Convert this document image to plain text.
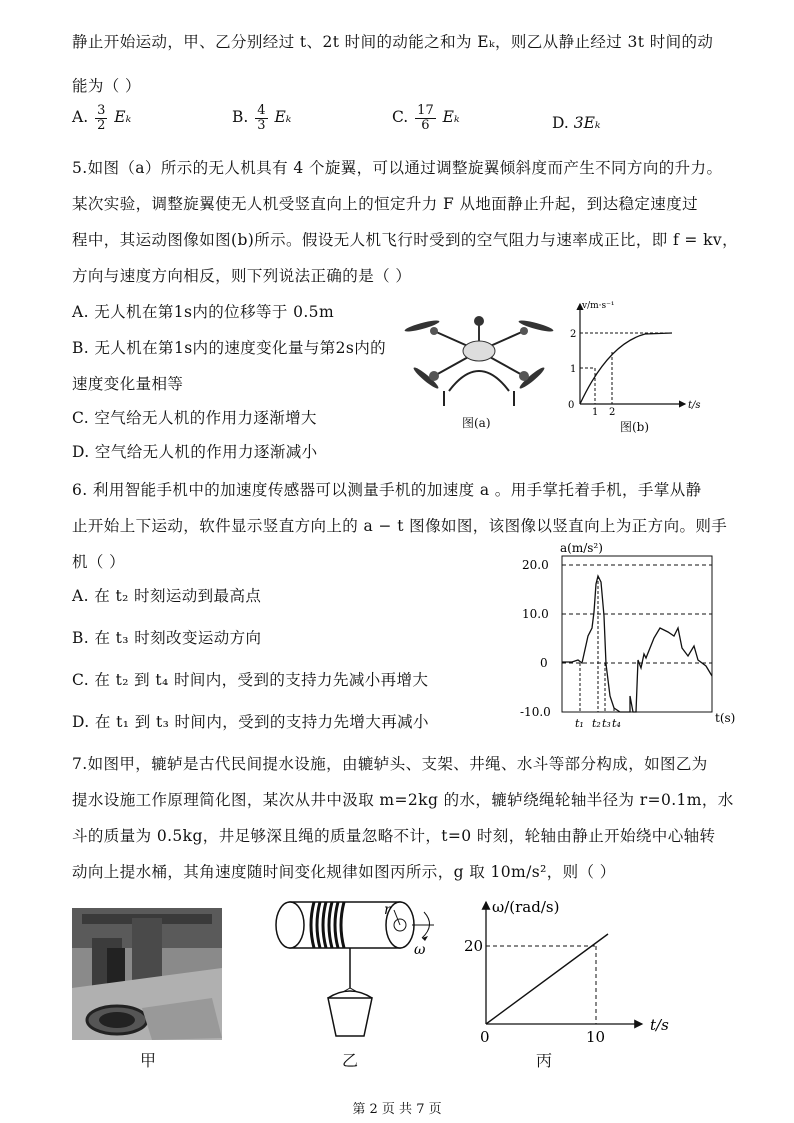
静止开始运动，甲、乙分别经过 t、2t 时间的动能之和为 Eₖ，则乙从静止经过 3t 时间的动
能为（ ）
A. $\frac{3}{2}$ Eₖ	B. $\frac{4}{3}$ Eₖ	C. $\frac{17}{6}$ Eₖ	D. 3Eₖ
5.如图（a）所示的无人机具有 4 个旋翼，可以通过调整旋翼倾斜度而产生不同方向的升力。
某次实验，调整旋翼使无人机受竖直向上的恒定升力 F 从地面静止升起，到达稳定速度过
程中，其运动图像如图(b)所示。假设无人机飞行时受到的空气阻力与速率成正比，即 f = kv，
方向与速度方向相反，则下列说法正确的是（ ）
A. 无人机在第1s内的位移等于 0.5m
B. 无人机在第1s内的速度变化量与第2s内的
速度变化量相等
C. 空气给无人机的作用力逐渐增大
D. 空气给无人机的作用力逐渐减小
图(a)
v/m·s⁻¹
t/s
0
1
2
1 2
图(b)
6. 利用智能手机中的加速度传感器可以测量手机的加速度 a 。用手掌托着手机，手掌从静
止开始上下运动，软件显示竖直方向上的 a − t 图像如图，该图像以竖直向上为正方向。则手
机（ ）
A. 在 t₂ 时刻运动到最高点
B. 在 t₃ 时刻改变运动方向
C. 在 t₂ 到 t₄ 时间内，受到的支持力先减小再增大
D. 在 t₁ 到 t₃ 时间内，受到的支持力先增大再减小
a(m/s²)
t(s)
20.0
10.0
0
-10.0
t₁ t₂ t₃ t₄
7.如图甲，辘轳是古代民间提水设施，由辘轳头、支架、井绳、水斗等部分构成，如图乙为
提水设施工作原理简化图，某次从井中汲取 m=2kg 的水，辘轳绕绳轮轴半径为 r=0.1m，水
斗的质量为 0.5kg，井足够深且绳的质量忽略不计，t=0 时刻，轮轴由静止开始绕中心轴转
动向上提水桶，其角速度随时间变化规律如图丙所示，g 取 10m/s²，则（ ）
r
ω
ω/(rad/s)
t/s
0
20
10
甲	乙	丙
第 2 页 共 7 页
